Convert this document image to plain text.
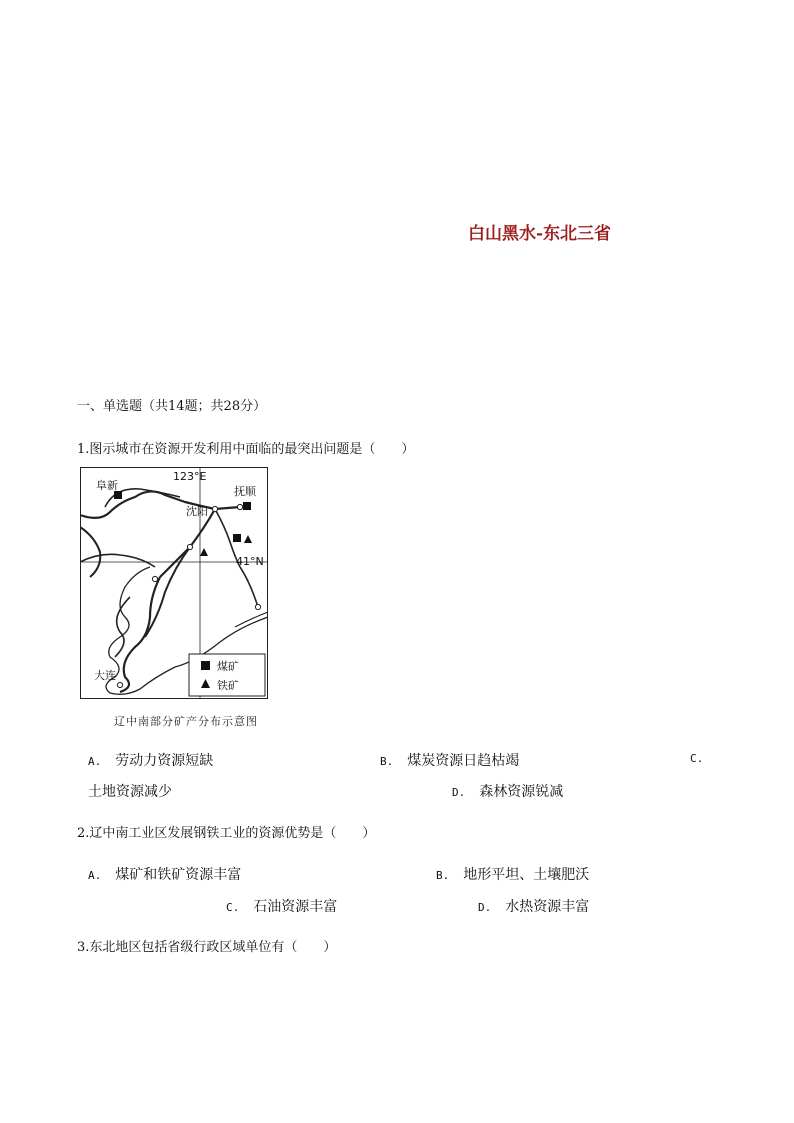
白山黑水-东北三省
一、单选题（共14题；共28分）
1.图示城市在资源开发利用中面临的最突出问题是（　　）
123°E
41°N
阜新	抚顺
沈阳
大连
煤矿
铁矿
辽中南部分矿产分布示意图
A. 劳动力资源短缺	B. 煤炭资源日趋枯竭	C.
土地资源减少	D. 森林资源锐减
2.辽中南工业区发展钢铁工业的资源优势是（　　）
A. 煤矿和铁矿资源丰富	B. 地形平坦、土壤肥沃
C. 石油资源丰富	D. 水热资源丰富
3.东北地区包括省级行政区域单位有（　　）
